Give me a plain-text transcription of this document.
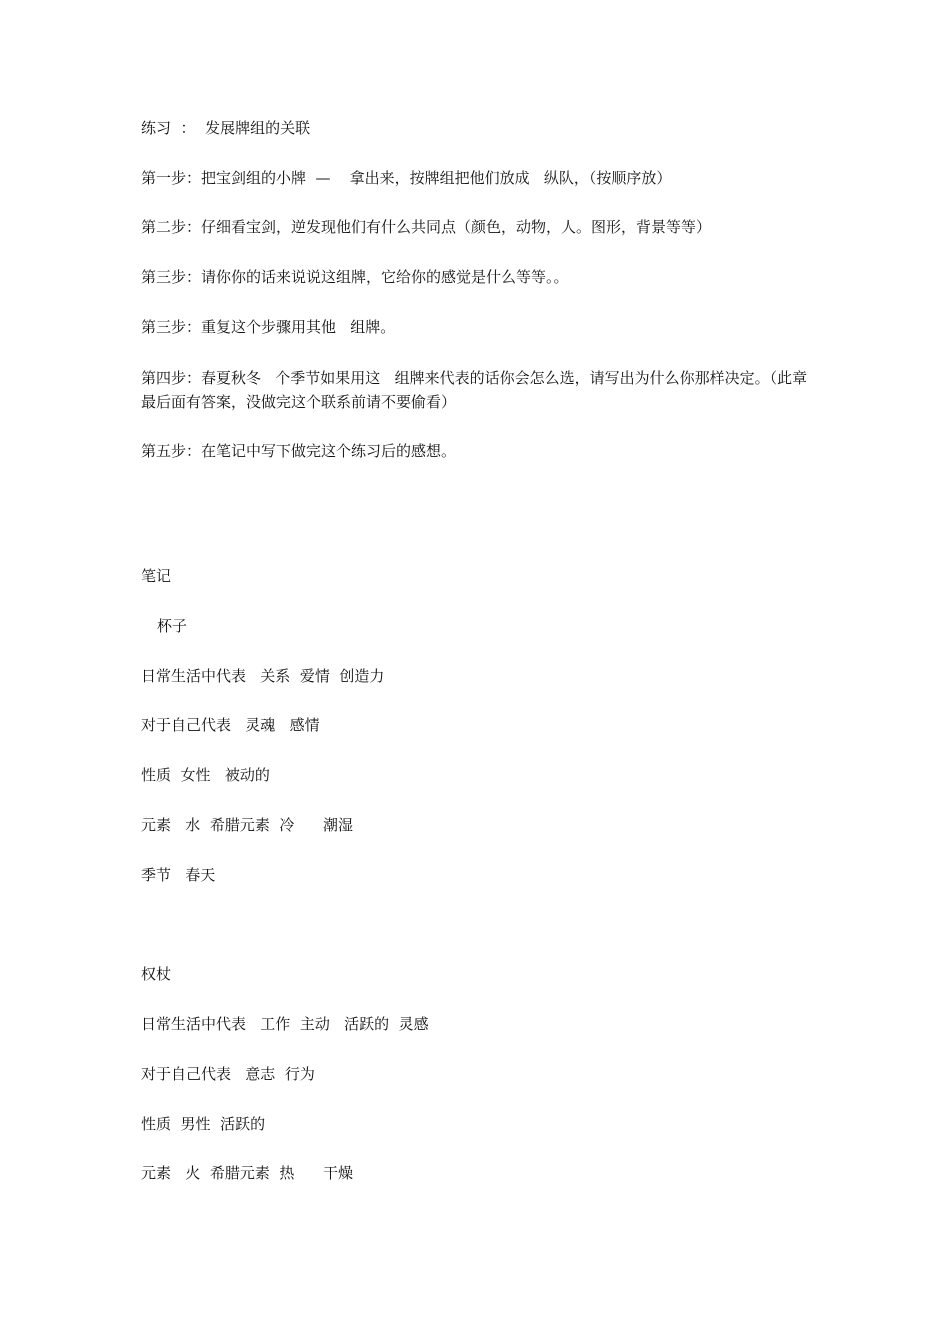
练习  ：  发展牌组的关联
第一步：把宝剑组的小牌  —    拿出来，按牌组把他们放成   纵队，（按顺序放）
第二步：仔细看宝剑，逆发现他们有什么共同点（颜色，动物，人。图形，背景等等）
第三步：请你你的话来说说这组牌，它给你的感觉是什么等等。。
第三步：重复这个步骤用其他   组牌。
第四步：春夏秋冬   个季节如果用这   组牌来代表的话你会怎么选，请写出为什么你那样决定。（此章最后面有答案，没做完这个联系前请不要偷看）
第五步：在笔记中写下做完这个练习后的感想。
笔记
杯子
日常生活中代表   关系  爱情  创造力
对于自己代表   灵魂   感情
性质  女性   被动的
元素   水  希腊元素  冷      潮湿
季节   春天
权杖
日常生活中代表   工作  主动   活跃的  灵感
对于自己代表   意志  行为
性质  男性  活跃的
元素   火  希腊元素  热      干燥
